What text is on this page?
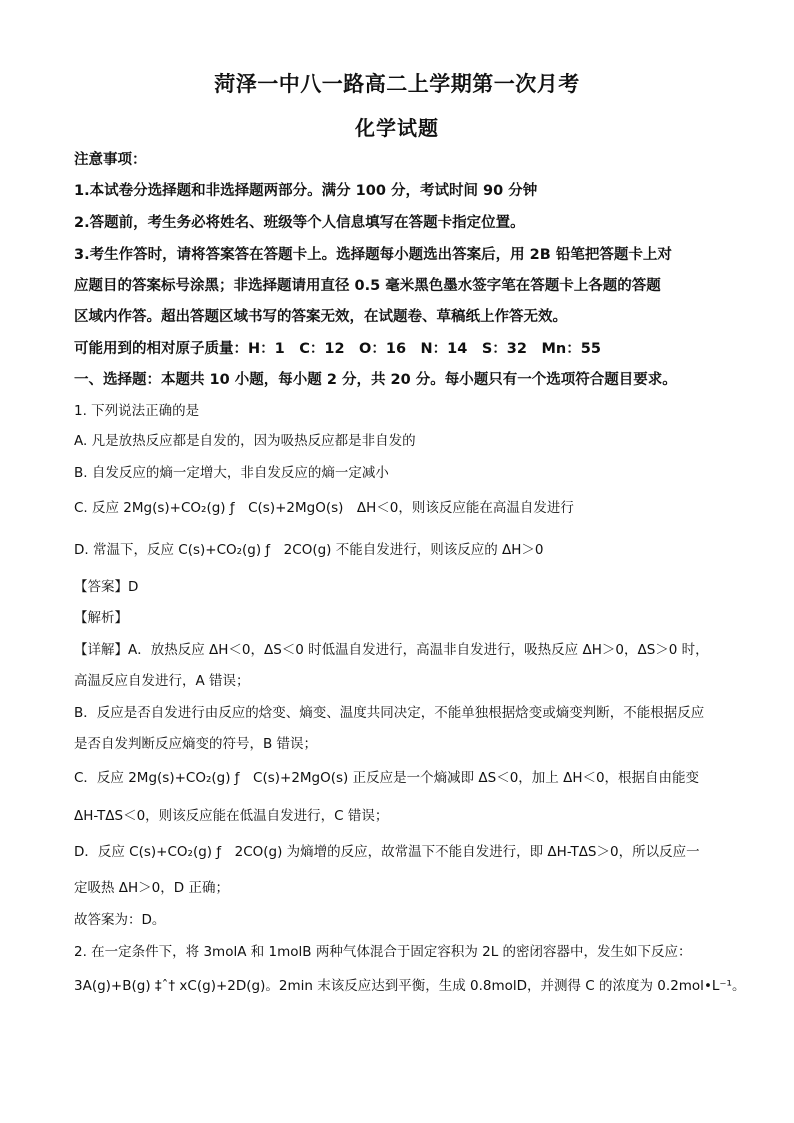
菏泽一中八一路高二上学期第一次月考
化学试题
注意事项：
1.本试卷分选择题和非选择题两部分。满分 100 分，考试时间 90 分钟
2.答题前，考生务必将姓名、班级等个人信息填写在答题卡指定位置。
3.考生作答时，请将答案答在答题卡上。选择题每小题选出答案后，用 2B 铅笔把答题卡上对
应题目的答案标号涂黑；非选择题请用直径 0.5 毫米黑色墨水签字笔在答题卡上各题的答题
区域内作答。超出答题区域书写的答案无效，在试题卷、草稿纸上作答无效。
可能用到的相对原子质量：H：1　C：12　O：16　N：14　S：32　Mn：55
一、选择题：本题共 10 小题，每小题 2 分，共 20 分。每小题只有一个选项符合题目要求。
1. 下列说法正确的是
A. 凡是放热反应都是自发的，因为吸热反应都是非自发的
B. 自发反应的熵一定增大，非自发反应的熵一定减小
C. 反应 2Mg(s)+CO₂(g) ƒ　C(s)+2MgO(s)　ΔH＜0，则该反应能在高温自发进行
D. 常温下，反应 C(s)+CO₂(g) ƒ　2CO(g) 不能自发进行，则该反应的 ΔH＞0
【答案】D
【解析】
【详解】A．放热反应 ΔH＜0，ΔS＜0 时低温自发进行，高温非自发进行，吸热反应 ΔH＞0，ΔS＞0 时，
高温反应自发进行，A 错误；
B．反应是否自发进行由反应的焓变、熵变、温度共同决定，不能单独根据焓变或熵变判断，不能根据反应
是否自发判断反应熵变的符号，B 错误；
C．反应 2Mg(s)+CO₂(g) ƒ　C(s)+2MgO(s) 正反应是一个熵减即 ΔS＜0，加上 ΔH＜0，根据自由能变
ΔH-TΔS＜0，则该反应能在低温自发进行，C 错误；
D．反应 C(s)+CO₂(g) ƒ　2CO(g) 为熵增的反应，故常温下不能自发进行，即 ΔH-TΔS＞0，所以反应一
定吸热 ΔH＞0，D 正确；
故答案为：D。
2. 在一定条件下，将 3molA 和 1molB 两种气体混合于固定容积为 2L 的密闭容器中，发生如下反应：
3A(g)+B(g) ‡ˆ† xC(g)+2D(g)。2min 末该反应达到平衡，生成 0.8molD，并测得 C 的浓度为 0.2mol•L⁻¹。
